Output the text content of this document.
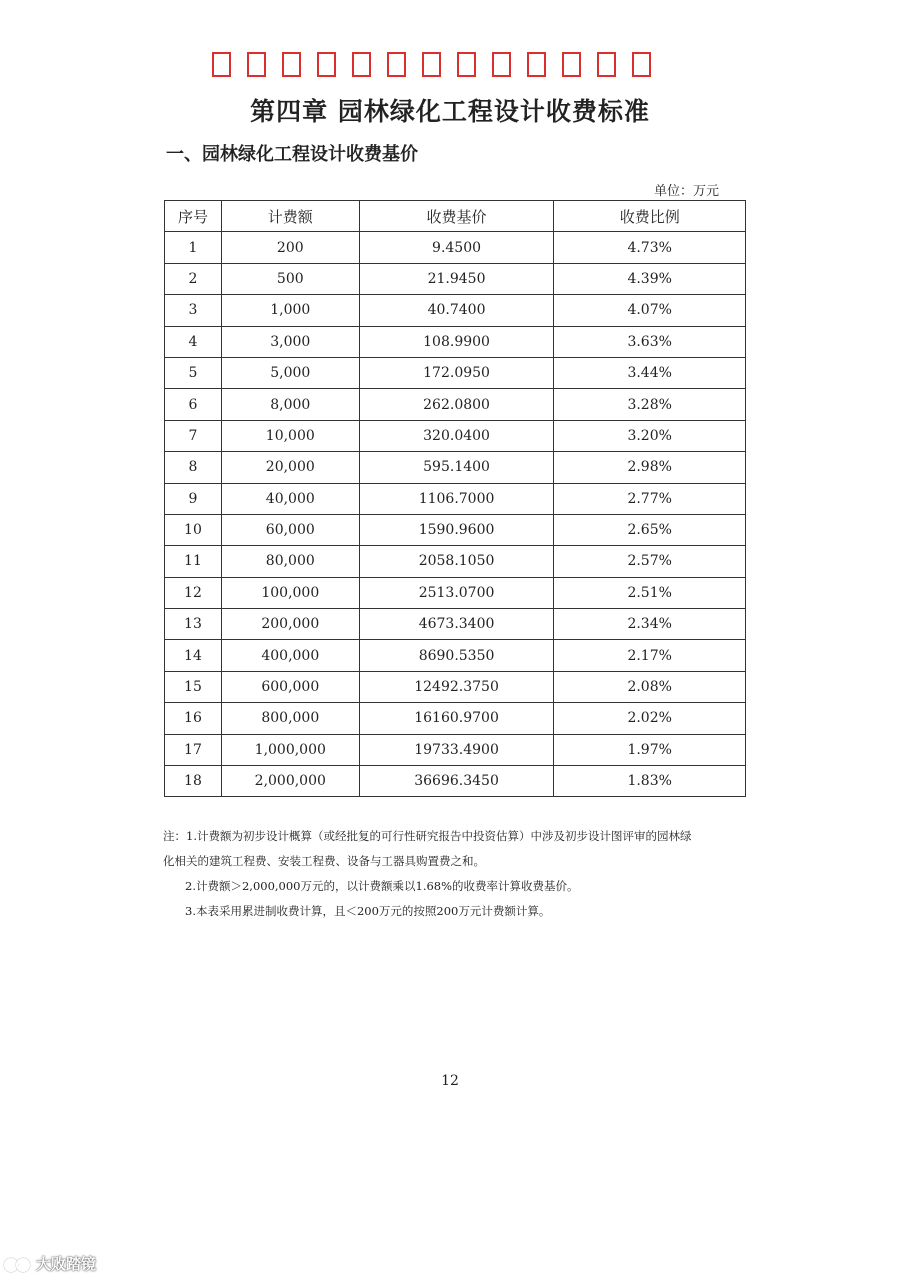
第四章 园林绿化工程设计收费标准
一、园林绿化工程设计收费基价
单位：万元
序号	计费额	收费基价	收费比例
1	200	9.4500	4.73%
2	500	21.9450	4.39%
3	1,000	40.7400	4.07%
4	3,000	108.9900	3.63%
5	5,000	172.0950	3.44%
6	8,000	262.0800	3.28%
7	10,000	320.0400	3.20%
8	20,000	595.1400	2.98%
9	40,000	1106.7000	2.77%
10	60,000	1590.9600	2.65%
11	80,000	2058.1050	2.57%
12	100,000	2513.0700	2.51%
13	200,000	4673.3400	2.34%
14	400,000	8690.5350	2.17%
15	600,000	12492.3750	2.08%
16	800,000	16160.9700	2.02%
17	1,000,000	19733.4900	1.97%
18	2,000,000	36696.3450	1.83%

注：1.计费额为初步设计概算（或经批复的可行性研究报告中投资估算）中涉及初步设计图评审的园林绿

化相关的建筑工程费、安装工程费、设备与工器具购置费之和。

2.计费额＞2,000,000万元的，以计费额乘以1.68%的收费率计算收费基价。

3.本表采用累进制收费计算，且＜200万元的按照200万元计费额计算。

12
大败踏镜
